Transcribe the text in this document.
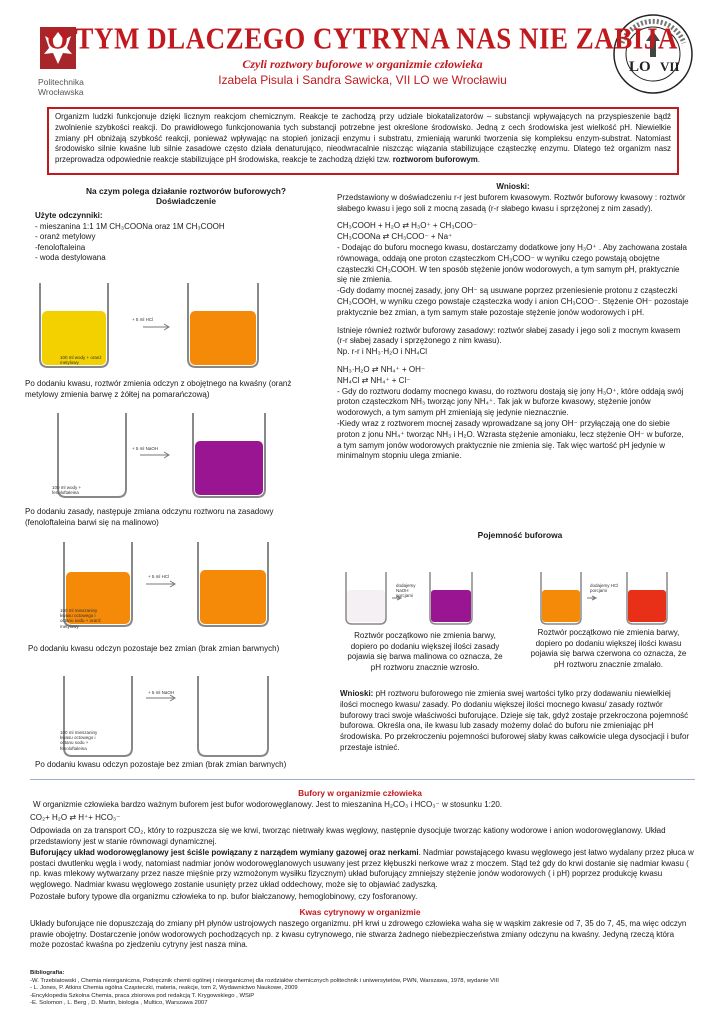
Politechnika
Wrocławska
LO VII
O TYM DLACZEGO CYTRYNA NAS NIE ZABIJA
Czyli roztwory buforowe w organizmie człowieka
Izabela Pisula i Sandra Sawicka, VII LO we Wrocławiu
Organizm ludzki funkcjonuje dzięki licznym reakcjom chemicznym. Reakcje te zachodzą przy udziale biokatalizatorów – substancji wpływających na przyspieszenie bądź zwolnienie szybkości reakcji. Do prawidłowego funkcjonowania tych substancji potrzebne jest określone środowisko. Jedną z cech środowiska jest wielkość pH. Niewielkie zmiany pH obniżają szybkość reakcji, ponieważ wpływając na stopień jonizacji enzymu i substratu, zmieniają warunki tworzenia się kompleksu enzym-substrat. Natomiast środowisko silnie kwaśne lub silnie zasadowe często działa denaturująco, nieodwracalnie niszcząc wiązania stabilizujące cząsteczkę enzymu. Dlatego też organizm nasz przeprowadza odpowiednie reakcje stabilizujące pH środowiska, reakcje te zachodzą dzięki tzw. roztworom buforowym.
Na czym polega działanie roztworów buforowych?
Doświadczenie
Użyte odczynniki:
- mieszanina 1:1 1M CH₃COONa oraz 1M CH₃COOH
- oranż metylowy
-fenoloftaleina
- woda destylowana
100 ml wody + oranż metylowy
+ 5 ml HCl
Po dodaniu kwasu, roztwór zmienia odczyn z obojętnego na kwaśny (oranż metylowy zmienia barwę z żółtej na pomarańczową)
100 ml wody + fenoloftaleina
+ 5 ml NaOH
Po dodaniu zasady, następuje zmiana odczynu roztworu na zasadowy (fenoloftaleina barwi się na malinowo)
100 ml mieszaniny kwasu octowego i octanu sodu + oranż metylowy
+ 5 ml HCl
Po dodaniu kwasu odczyn pozostaje bez zmian (brak zmian barwnych)
100 ml mieszaniny kwasu octowego i octanu sodu + fenoloftaleina
+ 5 ml NaOH
Po dodaniu kwasu odczyn pozostaje bez zmian (brak zmian barwnych)
Wnioski:
Przedstawiony w doświadczeniu r-r jest buforem kwasowym. Roztwór buforowy kwasowy : roztwór słabego kwasu i jego soli z mocną zasadą (r-r słabego kwasu i sprzężonej z nim zasady).
CH₃COOH + H₂O ⇄ H₃O⁺ + CH₃COO⁻
CH₃COONa ⇄ CH₃COO⁻ + Na⁺
- Dodając do buforu mocnego kwasu, dostarczamy dodatkowe jony H₃O⁺ . Aby zachowana została równowaga, oddają one proton cząsteczkom CH₃COO⁻ w wyniku czego powstają obojętne cząsteczki CH₃COOH. W ten sposób stężenie jonów wodorowych, a tym samym pH, praktycznie się nie zmienia.
-Gdy dodamy mocnej zasady, jony OH⁻ są usuwane poprzez przeniesienie protonu z cząsteczki CH₃COOH, w wyniku czego powstaje cząsteczka wody i anion CH₃COO⁻. Stężenie OH⁻ pozostaje praktycznie bez zmian, a tym samym stałe pozostaje stężenie jonów wodorowych i pH.
Istnieje również roztwór buforowy zasadowy: roztwór słabej zasady i jego soli z mocnym kwasem (r-r słabej zasady i sprzężonego z nim kwasu).
Np. r-r i NH₃·H₂O i NH₄Cl
NH₃·H₂O ⇄ NH₄⁺ + OH⁻
NH₄Cl ⇄ NH₄⁺ + Cl⁻
- Gdy do roztworu dodamy mocnego kwasu, do roztworu dostają się jony H₃O⁺, które oddają swój proton cząsteczkom NH₃ tworząc jony NH₄⁺. Tak jak w buforze kwasowy, stężenie jonów wodorowych, a tym samym pH zmieniają się jedynie nieznacznie.
-Kiedy wraz z roztworem mocnej zasady wprowadzane są jony OH⁻ przyłączają one do siebie proton z jonu NH₄⁺ tworząc NH₃ i H₂O. Wzrasta stężenie amoniaku, lecz stężenie OH⁻ w buforze, a tym samym jonów wodorowych praktycznie nie zmienia się. Tak więc wartość pH jedynie w minimalnym stopniu ulega zmianie.
Pojemność buforowa
dodajemy NaOH porcjami
dodajemy HCl porcjami
Roztwór początkowo nie zmienia barwy, dopiero po dodaniu większej ilości zasady pojawia się barwa malinowa co oznacza, że pH roztworu znacznie wzrosło.
Roztwór początkowo nie zmienia barwy, dopiero po dodaniu większej ilości kwasu pojawia się barwa czerwona co oznacza, że pH roztworu znacznie zmalało.
Wnioski: pH roztworu buforowego nie zmienia swej wartości tylko przy dodawaniu niewielkiej ilości mocnego kwasu/ zasady. Po dodaniu większej ilości mocnego kwasu/ zasady roztwór buforowy traci swoje właściwości buforujące. Dzieje się tak, gdyż zostaje przekroczona pojemność buforowa. Określa ona, ile kwasu lub zasady możemy dolać do buforu nie zmieniając pH środowiska. Po przekroczeniu pojemności buforowej słaby kwas całkowicie ulega dysocjacji i bufor przestaje istnieć.
Bufory w organizmie człowieka
W organizmie człowieka bardzo ważnym buforem jest bufor wodorowęglanowy. Jest to mieszanina H₂CO₃ i HCO₃⁻ w stosunku 1:20.
CO₂+ H₂O ⇄ H⁺+ HCO₃⁻
Odpowiada on za transport CO₂, który to rozpuszcza się we krwi, tworząc nietrwały kwas węglowy, następnie dysocjuje tworząc kationy wodorowe i anion wodorowęglanowy. Układ przedstawiony jest w stanie równowagi dynamicznej.
Buforujący układ wodorowęglanowy jest ściśle powiązany z narządem wymiany gazowej oraz nerkami. Nadmiar powstającego kwasu węglowego jest łatwo wydalany przez płuca w postaci dwutlenku węgla i wody, natomiast nadmiar jonów wodorowęglanowych usuwany jest przez kłębuszki nerkowe wraz z moczem. Stąd też gdy do krwi dostanie się nadmiar kwasu ( np. kwas mlekowy wytwarzany przez nasze mięśnie przy wzmożonym wysiłku fizycznym) układ buforujący zmniejszy stężenie jonów wodorowych ( i pH) poprzez produkcję kwasu węglowego. Nadmiar kwasu węglowego zostanie usunięty przez układ oddechowy, może się to objawiać zadyszką.
Pozostałe bufory typowe dla organizmu człowieka to np. bufor białczanowy, hemoglobinowy, czy fosforanowy.
Kwas cytrynowy w organizmie
Układy buforujące nie dopuszczają do zmiany pH płynów ustrojowych naszego organizmu. pH krwi u zdrowego człowieka waha się w wąskim zakresie od 7, 35 do 7, 45, ma więc odczyn prawie obojętny. Dostarczenie jonów wodorowych pochodzących np. z kwasu cytrynowego, nie stwarza żadnego niebezpieczeństwa zmiany odczynu na kwaśny. Jedyną rzeczą która może pozostać kwaśna po zjedzeniu cytryny jest nasza mina.
Bibliografia:
-W. Trzebiatowski , Chemia nieorganiczna, Podręcznik chemii ogólnej i nieorganicznej dla rozdziałów chemicznych politechnik i uniwersytetów, PWN, Warszawa, 1978, wydanie VIII
- L. Jones, P. Atkins Chemia ogólna Cząsteczki, materia, reakcje, tom 2, Wydawnictwo Naukowe, 2009
-Encyklopedia Szkolna Chemia, praca zbiorowa pod redakcją T. Krygowskiego , WSiP
-E. Solomon , L. Berg , D. Martin, biologia , Multico, Warszawa 2007
